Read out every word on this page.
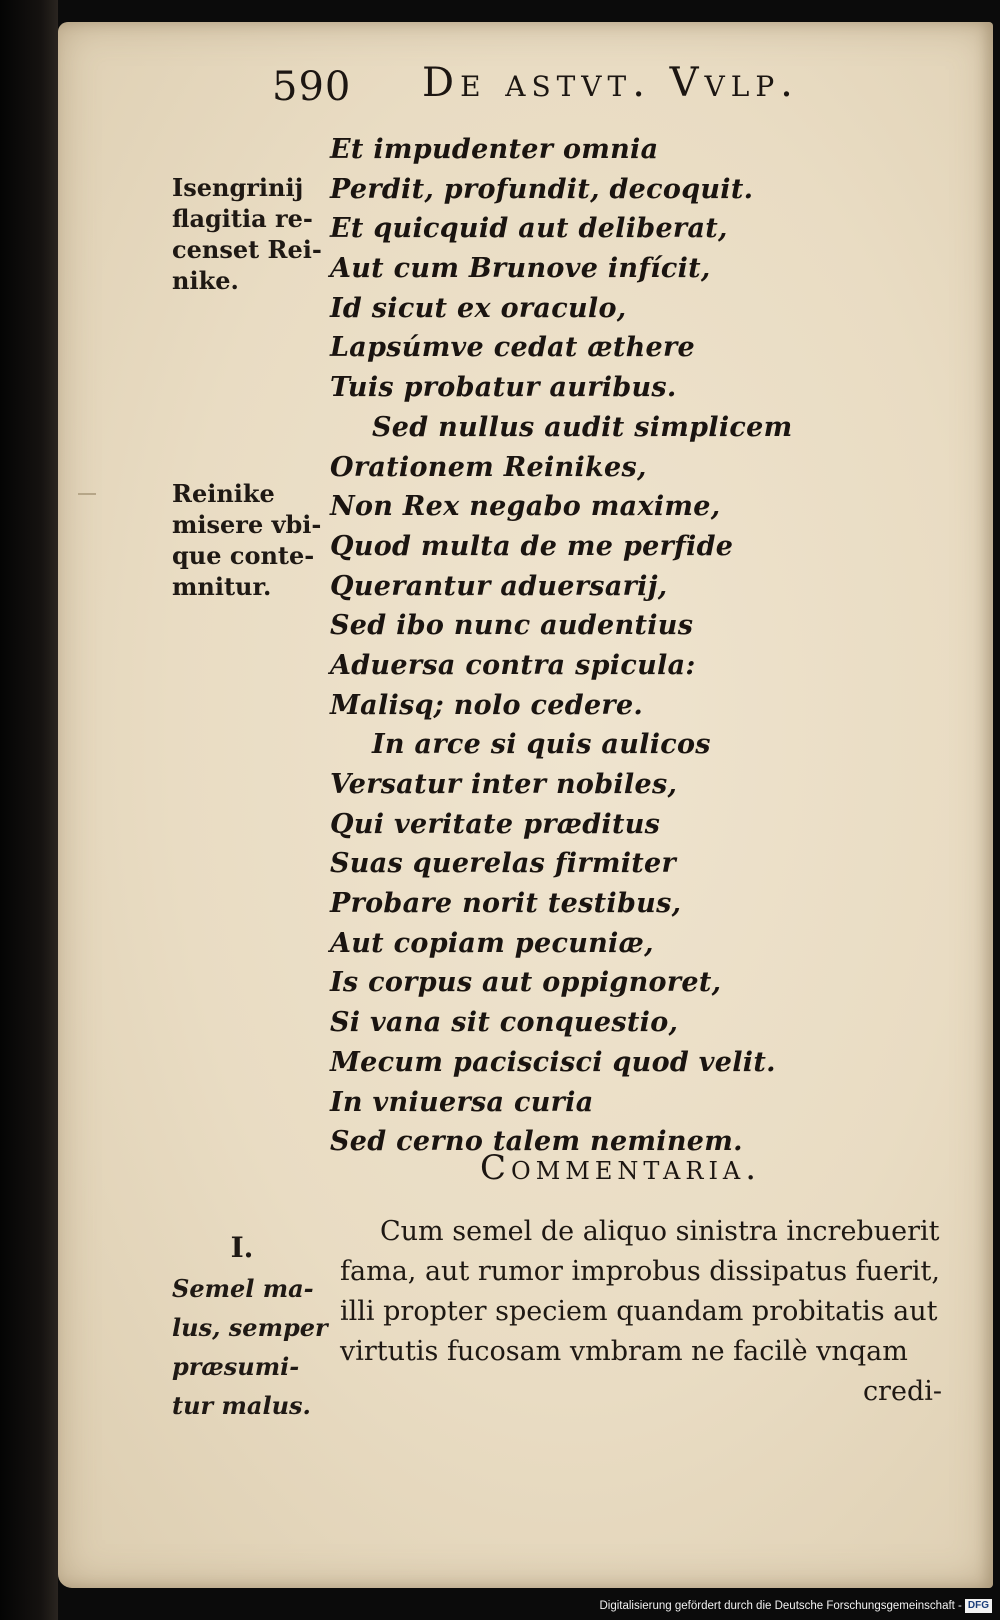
590 De astvt. Vvlp.
Isengrinij
flagitia re-
censet Rei-
nike.
Reinike
misere vbi-
que conte-
mnitur.
Et impudenter omnia
Perdit, profundit, decoquit.
Et quicquid aut deliberat,
Aut cum Brunove infícit,
Id sicut ex oraculo,
Lapsúmve cedat æthere
Tuis probatur auribus.
Sed nullus audit simplicem
Orationem Reinikes,
Non Rex negabo maxime,
Quod multa de me perfide
Querantur aduersarij,
Sed ibo nunc audentius
Aduersa contra spicula:
Malisq; nolo cedere.
In arce si quis aulicos
Versatur inter nobiles,
Qui veritate præditus
Suas querelas firmiter
Probare norit testibus,
Aut copiam pecuniæ,
Is corpus aut oppignoret,
Si vana sit conquestio,
Mecum paciscisci quod velit.
In vniuersa curia
Sed cerno talem neminem.
Commentaria.
I.
Semel ma-
lus, semper
præsumi-
tur malus.
Cum semel de aliquo sinistra increbuerit
fama, aut rumor improbus dissipatus fuerit,
illi propter speciem quandam probitatis aut
virtutis fucosam vmbram ne facilè vnqam
credi-
Digitalisierung gefördert durch die Deutsche Forschungsgemeinschaft - DFG
